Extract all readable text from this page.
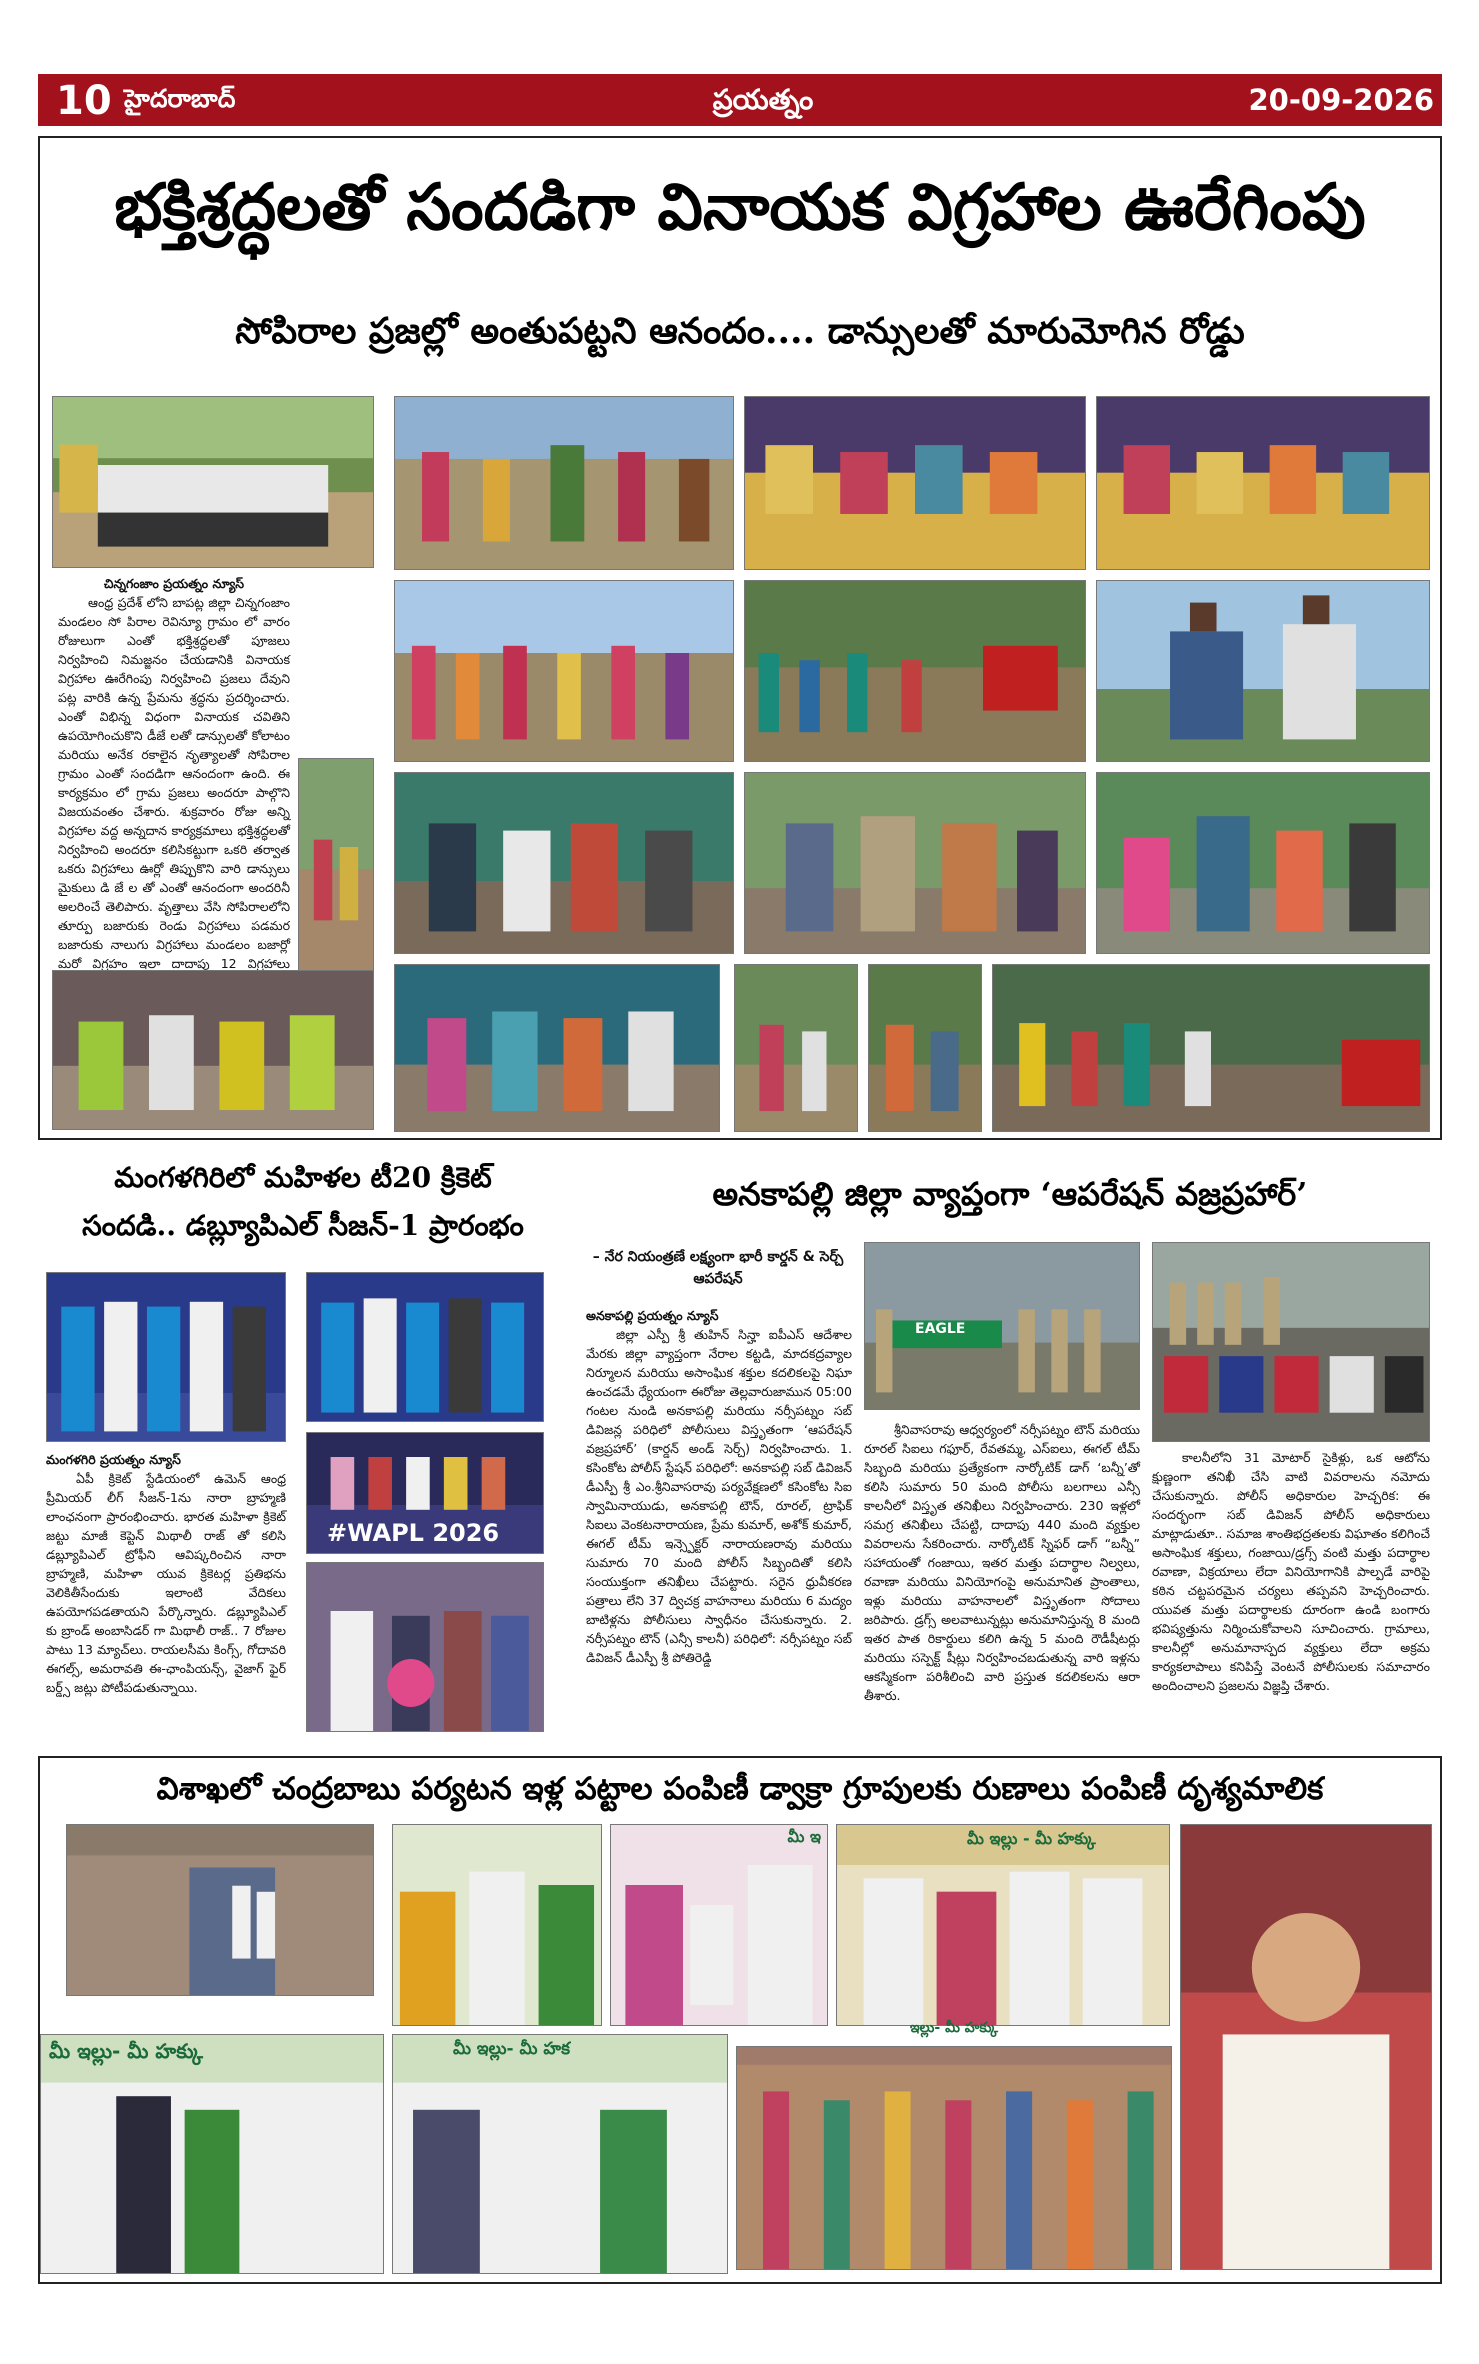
10 హైదరాబాద్	ప్రయత్నం	20-09-2026
భక్తిశ్రద్ధలతో సందడిగా వినాయక విగ్రహాల ఊరేగింపు
సోపిరాల ప్రజల్లో అంతుపట్టని ఆనందం.... డాన్సులతో మారుమోగిన రోడ్డు

చిన్నగంజాం ప్రయత్నం న్యూస్

ఆంధ్ర ప్రదేశ్ లోని బాపట్ల జిల్లా చిన్నగంజాం మండలం సో పిరాల రెవిన్యూ గ్రామం లో వారం రోజులుగా ఎంతో భక్తిశ్రద్ధలతో పూజలు నిర్వహించి నిమజ్జనం చేయడానికి వినాయక విగ్రహాల ఊరేగింపు నిర్వహించి ప్రజలు దేవుని పట్ల వారికి ఉన్న ప్రేమను శ్రద్ధను ప్రదర్శించారు. ఎంతో విభిన్న విధంగా వినాయక చవితిని ఉపయోగించుకొని డీజే లతో డాన్సులతో కోలాటం మరియు అనేక రకాలైన నృత్యాలతో సోపిరాల గ్రామం ఎంతో సందడిగా ఆనందంగా ఉంది. ఈ కార్యక్రమం లో గ్రామ ప్రజలు అందరూ పాల్గొని విజయవంతం చేశారు. శుక్రవారం రోజు అన్ని విగ్రహాల వద్ద అన్నదాన కార్యక్రమాలు భక్తిశ్రద్ధలతో నిర్వహించి అందరూ కలిసికట్టుగా ఒకరి తర్వాత ఒకరు విగ్రహాలు ఊర్లో తిప్పుకొని వారి డాన్సులు మైకులు డి జే ల తో ఎంతో ఆనందంగా అందరినీ అలరించే తెలిపారు. వృత్తాలు వేసి సోపిరాలలోని తూర్పు బజారుకు రెండు విగ్రహాలు పడమర బజారుకు నాలుగు విగ్రహాలు మండలం బజార్లో మరో విగ్రహం ఇలా దాదాపు 12 విగ్రహాలు

మంగళగిరిలో మహిళల టీ20 క్రికెట్
సందడి.. డబ్ల్యూపిఎల్ సీజన్-1 ప్రారంభం
#WAPL 2026

మంగళగిరి ప్రయత్నం న్యూస్

ఏపీ క్రికెట్ స్టేడియంలో ఉమెన్ ఆంధ్ర ప్రీమియర్ లీగ్ సీజన్-1ను నారా బ్రాహ్మణి లాంఛనంగా ప్రారంభించారు. భారత మహిళా క్రికెట్ జట్టు మాజీ కెప్టెన్ మిథాలీ రాజ్ తో కలిసి డబ్ల్యూపిఎల్ ట్రోఫీని ఆవిష్కరించిన నారా బ్రాహ్మణి, మహిళా యువ క్రికెటర్ల ప్రతిభను వెలికితీసేందుకు ఇలాంటి వేదికలు ఉపయోగపడతాయని పేర్కొన్నారు. డబ్ల్యూపిఎల్ కు బ్రాండ్ అంబాసిడర్ గా మిథాలీ రాజ్.. 7 రోజుల పాటు 13 మ్యాచ్‌లు. రాయలసీమ కింగ్స్, గోదావరి ఈగల్స్, అమరావతి ఈ-ఛాంపియన్స్, వైజాగ్ ఫైర్ బర్డ్స్ జట్లు పోటీపడుతున్నాయి.

అనకాపల్లి జిల్లా వ్యాప్తంగా ‘ఆపరేషన్ వజ్రప్రహార్’

– నేర నియంత్రణే లక్ష్యంగా భారీ కార్డన్ & సెర్చ్ ఆపరేషన్

అనకాపల్లి ప్రయత్నం న్యూస్

జిల్లా ఎస్పీ శ్రీ తుహిన్ సిన్హా ఐపీఎస్ ఆదేశాల మేరకు జిల్లా వ్యాప్తంగా నేరాల కట్టడి, మాదకద్రవ్యాల నిర్మూలన మరియు అసాంఘిక శక్తుల కదలికలపై నిఘా ఉంచడమే ధ్యేయంగా ఈరోజు తెల్లవారుజామున 05:00 గంటల నుండి అనకాపల్లి మరియు నర్సీపట్నం సబ్ డివిజన్ల పరిధిలో పోలీసులు విస్తృతంగా ‘ఆపరేషన్ వజ్రప్రహార్’ (కార్డన్ అండ్ సెర్చ్) నిర్వహించారు. 1. కసింకోట పోలీస్ స్టేషన్ పరిధిలో: అనకాపల్లి సబ్ డివిజన్ డీఎస్పీ శ్రీ ఎం.శ్రీనివాసరావు పర్యవేక్షణలో కసింకోట సిఐ స్వామినాయుడు, అనకాపల్లి టౌన్, రూరల్, ట్రాఫిక్ సిఐలు వెంకటనారాయణ, ప్రేమ కుమార్, అశోక్ కుమార్, ఈగల్ టీమ్ ఇన్స్పెక్టర్ నారాయణరావు మరియు సుమారు 70 మంది పోలీస్ సిబ్బందితో కలిసి సంయుక్తంగా తనిఖీలు చేపట్టారు. సరైన ధ్రువీకరణ పత్రాలు లేని 37 ద్విచక్ర వాహనాలు మరియు 6 మద్యం బాటిళ్లను పోలీసులు స్వాధీనం చేసుకున్నారు. 2. నర్సీపట్నం టౌన్ (ఎన్సీ కాలనీ) పరిధిలో: నర్సీపట్నం సబ్ డివిజన్ డీఎస్పీ శ్రీ పోతిరెడ్డి

EAGLE

శ్రీనివాసరావు ఆధ్వర్యంలో నర్సీపట్నం టౌన్ మరియు రూరల్ సిఐలు గఫూర్, రేవతమ్మ, ఎస్ఐలు, ఈగల్ టీమ్ సిబ్బంది మరియు ప్రత్యేకంగా నార్కోటిక్ డాగ్ ‘బన్నీ’తో కలిసి సుమారు 50 మంది పోలీసు బలగాలు ఎన్సీ కాలనీలో విస్తృత తనిఖీలు నిర్వహించారు. 230 ఇళ్లలో సమగ్ర తనిఖీలు చేపట్టి, దాదాపు 440 మంది వ్యక్తుల వివరాలను సేకరించారు. నార్కోటిక్ స్నిఫర్ డాగ్ “బన్నీ” సహాయంతో గంజాయి, ఇతర మత్తు పదార్థాల నిల్వలు, రవాణా మరియు వినియోగంపై అనుమానిత ప్రాంతాలు, ఇళ్లు మరియు వాహనాలలో విస్తృతంగా సోదాలు జరిపారు. డ్రగ్స్ అలవాటున్నట్లు అనుమానిస్తున్న 8 మంది ఇతర పాత రికార్డులు కలిగి ఉన్న 5 మంది రౌడీషీటర్లు మరియు సస్పెక్ట్ షీట్లు నిర్వహించబడుతున్న వారి ఇళ్లను ఆకస్మికంగా పరిశీలించి వారి ప్రస్తుత కదలికలను ఆరా తీశారు.

కాలనీలోని 31 మోటార్ సైకిళ్లు, ఒక ఆటోను క్షుణ్ణంగా తనిఖీ చేసి వాటి వివరాలను నమోదు చేసుకున్నారు. పోలీస్ అధికారుల హెచ్చరిక: ఈ సందర్భంగా సబ్ డివిజన్ పోలీస్ అధికారులు మాట్లాడుతూ.. సమాజ శాంతిభద్రతలకు విఘాతం కలిగించే అసాంఘిక శక్తులు, గంజాయి/డ్రగ్స్ వంటి మత్తు పదార్థాల రవాణా, విక్రయాలు లేదా వినియోగానికి పాల్పడే వారిపై కఠిన చట్టపరమైన చర్యలు తప్పవని హెచ్చరించారు. యువత మత్తు పదార్థాలకు దూరంగా ఉండి బంగారు భవిష్యత్తును నిర్మించుకోవాలని సూచించారు. గ్రామాలు, కాలనీల్లో అనుమానాస్పద వ్యక్తులు లేదా అక్రమ కార్యకలాపాలు కనిపిస్తే వెంటనే పోలీసులకు సమాచారం అందించాలని ప్రజలను విజ్ఞప్తి చేశారు.

విశాఖలో చంద్రబాబు పర్యటన ఇళ్ల పట్టాల పంపిణీ డ్వాక్రా గ్రూపులకు రుణాలు పంపిణీ దృశ్యమాలిక
మీ ఇ	మీ ఇల్లు - మీ హక్కు
మీ ఇల్లు- మీ హక్కు	మీ ఇల్లు- మీ హక
ఇల్లు- మీ హక్కు
